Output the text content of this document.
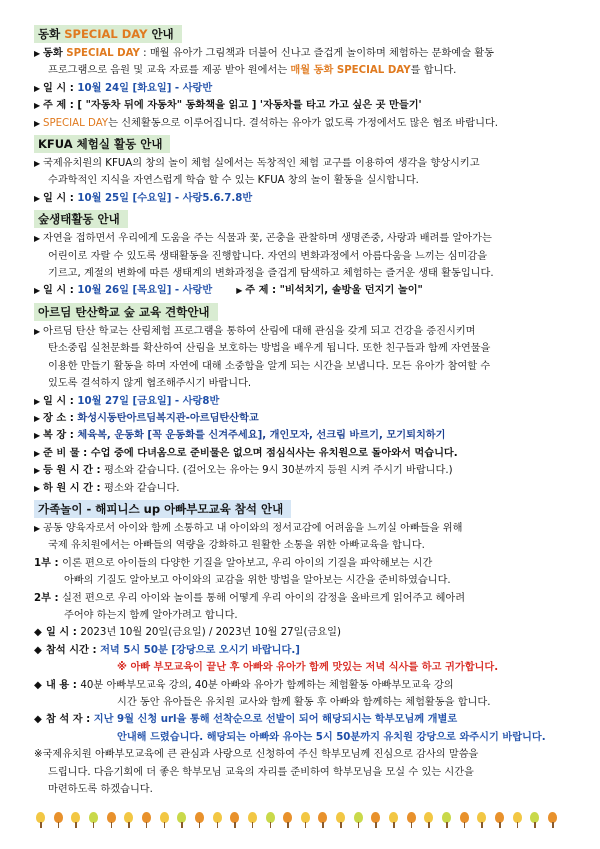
동화 SPECIAL DAY 안내
▶ 동화 SPECIAL DAY : 매월 유아가 그림책과 더불어 신나고 즐겁게 놀이하며 체험하는 문화예술 활동
프로그램으로 음원 및 교육 자료를 제공 받아 원에서는 매월 동화 SPECIAL DAY를 합니다.
▶ 일 시 : 10월 24일 [화요일] - 사랑반
▶ 주 제 : [ "자동차 뒤에 자동차" 동화책을 읽고 ] '자동차를 타고 가고 싶은 곳 만들기'
▶ SPECIAL DAY는 신체활동으로 이루어집니다. 결석하는 유아가 없도록 가정에서도 많은 협조 바랍니다.
KFUA 체험실 활동 안내
▶ 국제유치원의 KFUA의 창의 놀이 체험 실에서는 독창적인 체험 교구를 이용하여 생각을 향상시키고
수과학적인 지식을 자연스럽게 학습 할 수 있는 KFUA 창의 놀이 활동을 실시합니다.
▶ 일 시 : 10월 25일 [수요일] - 사랑5.6.7.8반
숲생태활동 안내
▶ 자연을 접하면서 우리에게 도움을 주는 식물과 꽃, 곤충을 관찰하며 생명존중, 사랑과 배려를 알아가는
어린이로 자랄 수 있도록 생태활동을 진행합니다. 자연의 변화과정에서 아름다움을 느끼는 심미감을
기르고, 계절의 변화에 따른 생태계의 변화과정을 즐겁게 탐색하고 체험하는 즐거운 생태 활동입니다.
▶ 일 시 : 10월 26일 [목요일] - 사랑반	▶ 주 제 : "비석치기, 솔방울 던지기 놀이"
아르딤 탄산학교 숲 교육 견학안내
▶ 아르딤 탄산 학교는 산림체험 프로그램을 통하여 산림에 대해 관심을 갖게 되고 건강을 증진시키며
탄소중립 실천문화를 확산하여 산림을 보호하는 방법을 배우게 됩니다. 또한 친구들과 함께 자연물을
이용한 만들기 활동을 하며 자연에 대해 소중함을 알게 되는 시간을 보냅니다. 모든 유아가 참여할 수
있도록 결석하지 않게 협조해주시기 바랍니다.
▶ 일 시 : 10월 27일 [금요일] - 사랑8반
▶ 장 소 : 화성시동탄아르딤복지관-아르딤탄산학교
▶ 복 장 : 체육복, 운동화 [꼭 운동화를 신겨주세요], 개인모자, 선크림 바르기, 모기퇴치하기
▶ 준 비 물 : 수업 중에 다녀옴으로 준비물은 없으며 점심식사는 유치원으로 돌아와서 먹습니다.
▶ 등 원 시 간 : 평소와 같습니다. (걸어오는 유아는 9시 30분까지 등원 시켜 주시기 바랍니다.)
▶ 하 원 시 간 : 평소와 같습니다.
가족놀이 - 해피니스 up 아빠부모교육 참석 안내
▶ 공동 양육자로서 아이와 함께 소통하고 내 아이와의 정서교감에 어려움을 느끼실 아빠들을 위해
국제 유치원에서는 아빠들의 역량을 강화하고 원활한 소통을 위한 아빠교육을 합니다.
1부 : 이론 편으로 아이들의 다양한 기질을 알아보고, 우리 아이의 기질을 파악해보는 시간
아빠의 기질도 알아보고 아이와의 교감을 위한 방법을 알아보는 시간을 준비하였습니다.
2부 : 실전 편으로 우리 아이와 놀이를 통해 어떻게 우리 아이의 감정을 올바르게 읽어주고 헤아려
주어야 하는지 함께 알아가려고 합니다.
◆ 일 시 : 2023년 10월 20일(금요일) / 2023년 10월 27일(금요일)
◆ 참석 시간 : 저녁 5시 50분 [강당으로 오시기 바랍니다.]
※ 아빠 부모교육이 끝난 후 아빠와 유아가 함께 맛있는 저녁 식사를 하고 귀가합니다.
◆ 내 용 : 40분 아빠부모교육 강의, 40분 아빠와 유아가 함께하는 체험활동 아빠부모교육 강의
시간 동안 유아들은 유치원 교사와 함께 활동 후 아빠와 함께하는 체험활동을 합니다.
◆ 참 석 자 : 지난 9월 신청 url을 통해 선착순으로 선발이 되어 해당되시는 학부모님께 개별로
안내해 드렸습니다. 해당되는 아빠와 유아는 5시 50분까지 유치원 강당으로 와주시기 바랍니다.
※국제유치원 아빠부모교육에 큰 관심과 사랑으로 신청하여 주신 학부모님께 진심으로 감사의 말씀을
드립니다. 다음기회에 더 좋은 학부모님 교육의 자리를 준비하여 학부모님을 모실 수 있는 시간을
마련하도록 하겠습니다.
